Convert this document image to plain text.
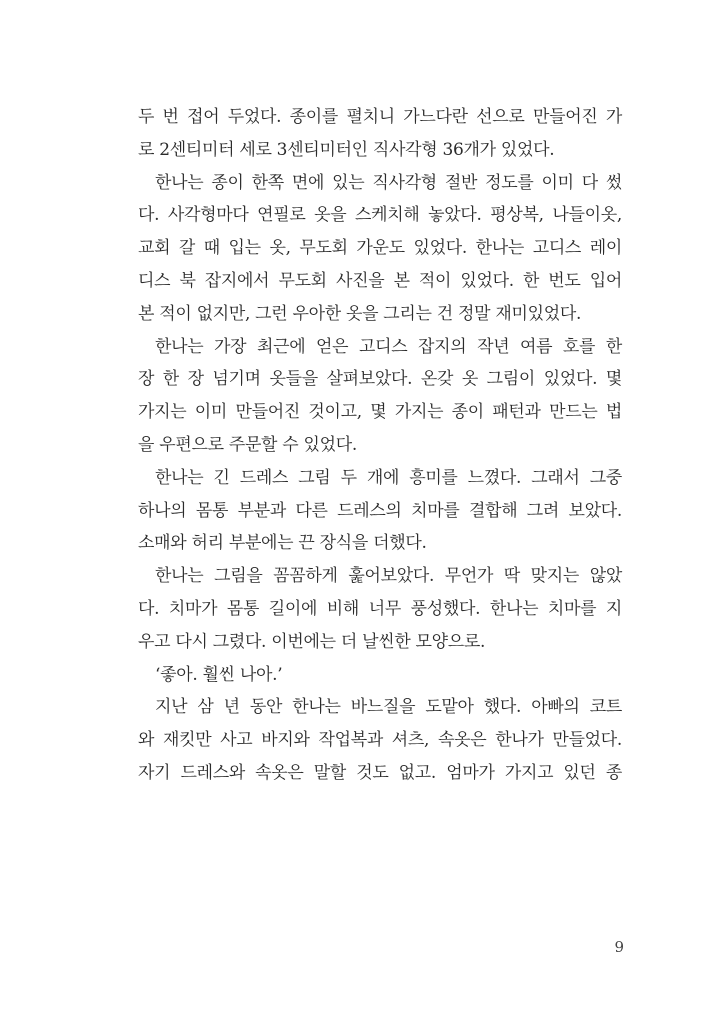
두 번 접어 두었다. 종이를 펼치니 가느다란 선으로 만들어진 가
로 2센티미터 세로 3센티미터인 직사각형 36개가 있었다.
한나는 종이 한쪽 면에 있는 직사각형 절반 정도를 이미 다 썼
다. 사각형마다 연필로 옷을 스케치해 놓았다. 평상복, 나들이옷,
교회 갈 때 입는 옷, 무도회 가운도 있었다. 한나는 고디스 레이
디스 북 잡지에서 무도회 사진을 본 적이 있었다. 한 번도 입어
본 적이 없지만, 그런 우아한 옷을 그리는 건 정말 재미있었다.
한나는 가장 최근에 얻은 고디스 잡지의 작년 여름 호를 한
장 한 장 넘기며 옷들을 살펴보았다. 온갖 옷 그림이 있었다. 몇
가지는 이미 만들어진 것이고, 몇 가지는 종이 패턴과 만드는 법
을 우편으로 주문할 수 있었다.
한나는 긴 드레스 그림 두 개에 흥미를 느꼈다. 그래서 그중
하나의 몸통 부분과 다른 드레스의 치마를 결합해 그려 보았다.
소매와 허리 부분에는 끈 장식을 더했다.
한나는 그림을 꼼꼼하게 훑어보았다. 무언가 딱 맞지는 않았
다. 치마가 몸통 길이에 비해 너무 풍성했다. 한나는 치마를 지
우고 다시 그렸다. 이번에는 더 날씬한 모양으로.
‘좋아. 훨씬 나아.’
지난 삼 년 동안 한나는 바느질을 도맡아 했다. 아빠의 코트
와 재킷만 사고 바지와 작업복과 셔츠, 속옷은 한나가 만들었다.
자기 드레스와 속옷은 말할 것도 없고. 엄마가 가지고 있던 종
9
